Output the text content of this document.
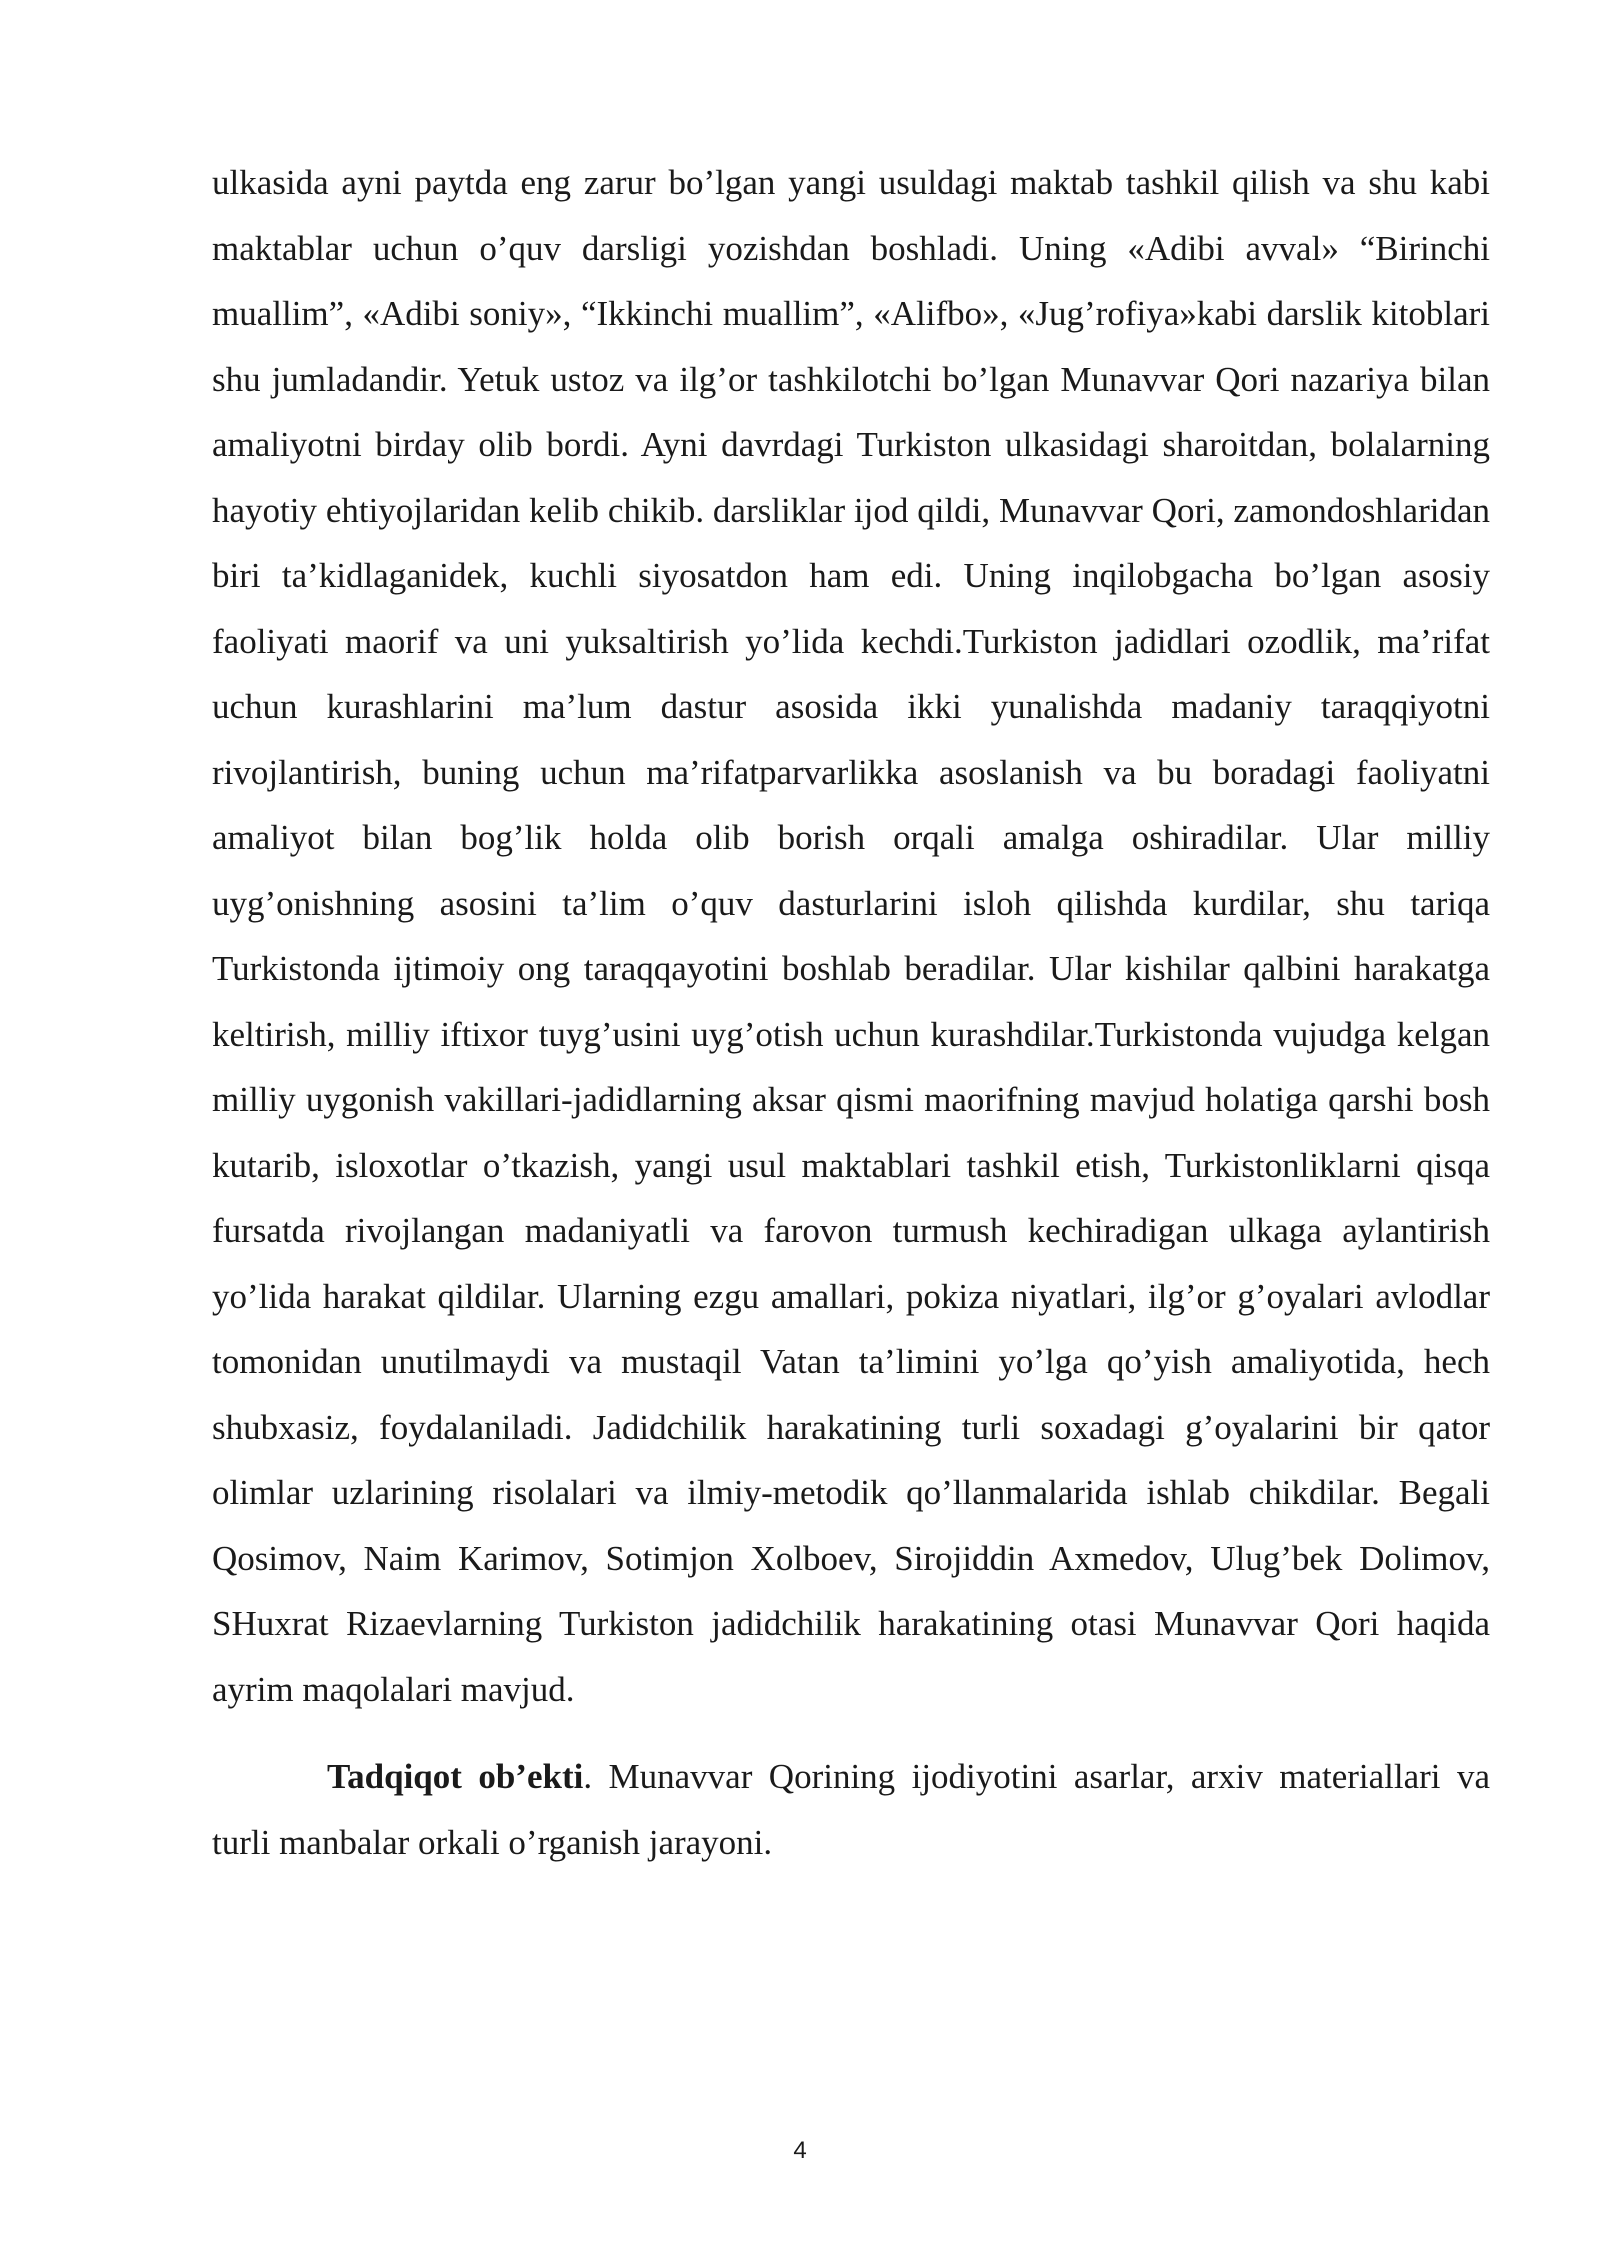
ulkasida ayni paytda eng zarur bo’lgan yangi usuldagi maktab tashkil qilish va shu kabi maktablar uchun o’quv darsligi yozishdan boshladi. Uning «Adibi avval» “Birinchi muallim”, «Adibi soniy», “Ikkinchi muallim”, «Alifbo», «Jug’rofiya»kabi darslik kitoblari shu jumladandir. Yetuk ustoz va ilg’or tashkilotchi bo’lgan Munavvar Qori nazariya bilan amaliyotni birday olib bordi. Ayni davrdagi Turkiston ulkasidagi sharoitdan, bolalarning hayotiy ehtiyojlaridan kelib chikib. darsliklar ijod qildi, Munavvar Qori, zamondoshlaridan biri ta’kidlaganidek, kuchli siyosatdon ham edi. Uning inqilobgacha bo’lgan asosiy faoliyati maorif va uni yuksaltirish yo’lida kechdi.Turkiston jadidlari ozodlik, ma’rifat uchun kurashlarini ma’lum dastur asosida ikki yunalishda madaniy taraqqiyotni rivojlantirish, buning uchun ma’rifatparvarlikka asoslanish va bu boradagi faoliyatni amaliyot bilan bog’lik holda olib borish orqali amalga oshiradilar. Ular milliy uyg’onishning asosini ta’lim o’quv dasturlarini isloh qilishda kurdilar, shu tariqa Turkistonda ijtimoiy ong taraqqayotini boshlab beradilar. Ular kishilar qalbini harakatga keltirish, milliy iftixor tuyg’usini uyg’otish uchun kurashdilar.Turkistonda vujudga kelgan milliy uygonish vakillari-jadidlarning aksar qismi maorifning mavjud holatiga qarshi bosh kutarib, isloxotlar o’tkazish, yangi usul maktablari tashkil etish, Turkistonliklarni qisqa fursatda rivojlangan madaniyatli va farovon turmush kechiradigan ulkaga aylantirish yo’lida harakat qildilar. Ularning ezgu amallari, pokiza niyatlari, ilg’or g’oyalari avlodlar tomonidan unutilmaydi va mustaqil Vatan ta’limini yo’lga qo’yish amaliyotida, hech shubxasiz, foydalaniladi. Jadidchilik harakatining turli soxadagi g’oyalarini bir qator olimlar uzlarining risolalari va ilmiy-metodik qo’llanmalarida ishlab chikdilar. Begali Qosimov, Naim Karimov, Sotimjon Xolboev, Sirojiddin Axmedov, Ulug’bek Dolimov, SHuxrat Rizaevlarning Turkiston jadidchilik harakatining otasi Munavvar Qori haqida ayrim maqolalari mavjud.

Tadqiqot ob’ekti. Munavvar Qorining ijodiyotini asarlar, arxiv materiallari va turli manbalar orkali o’rganish jarayoni.

4
